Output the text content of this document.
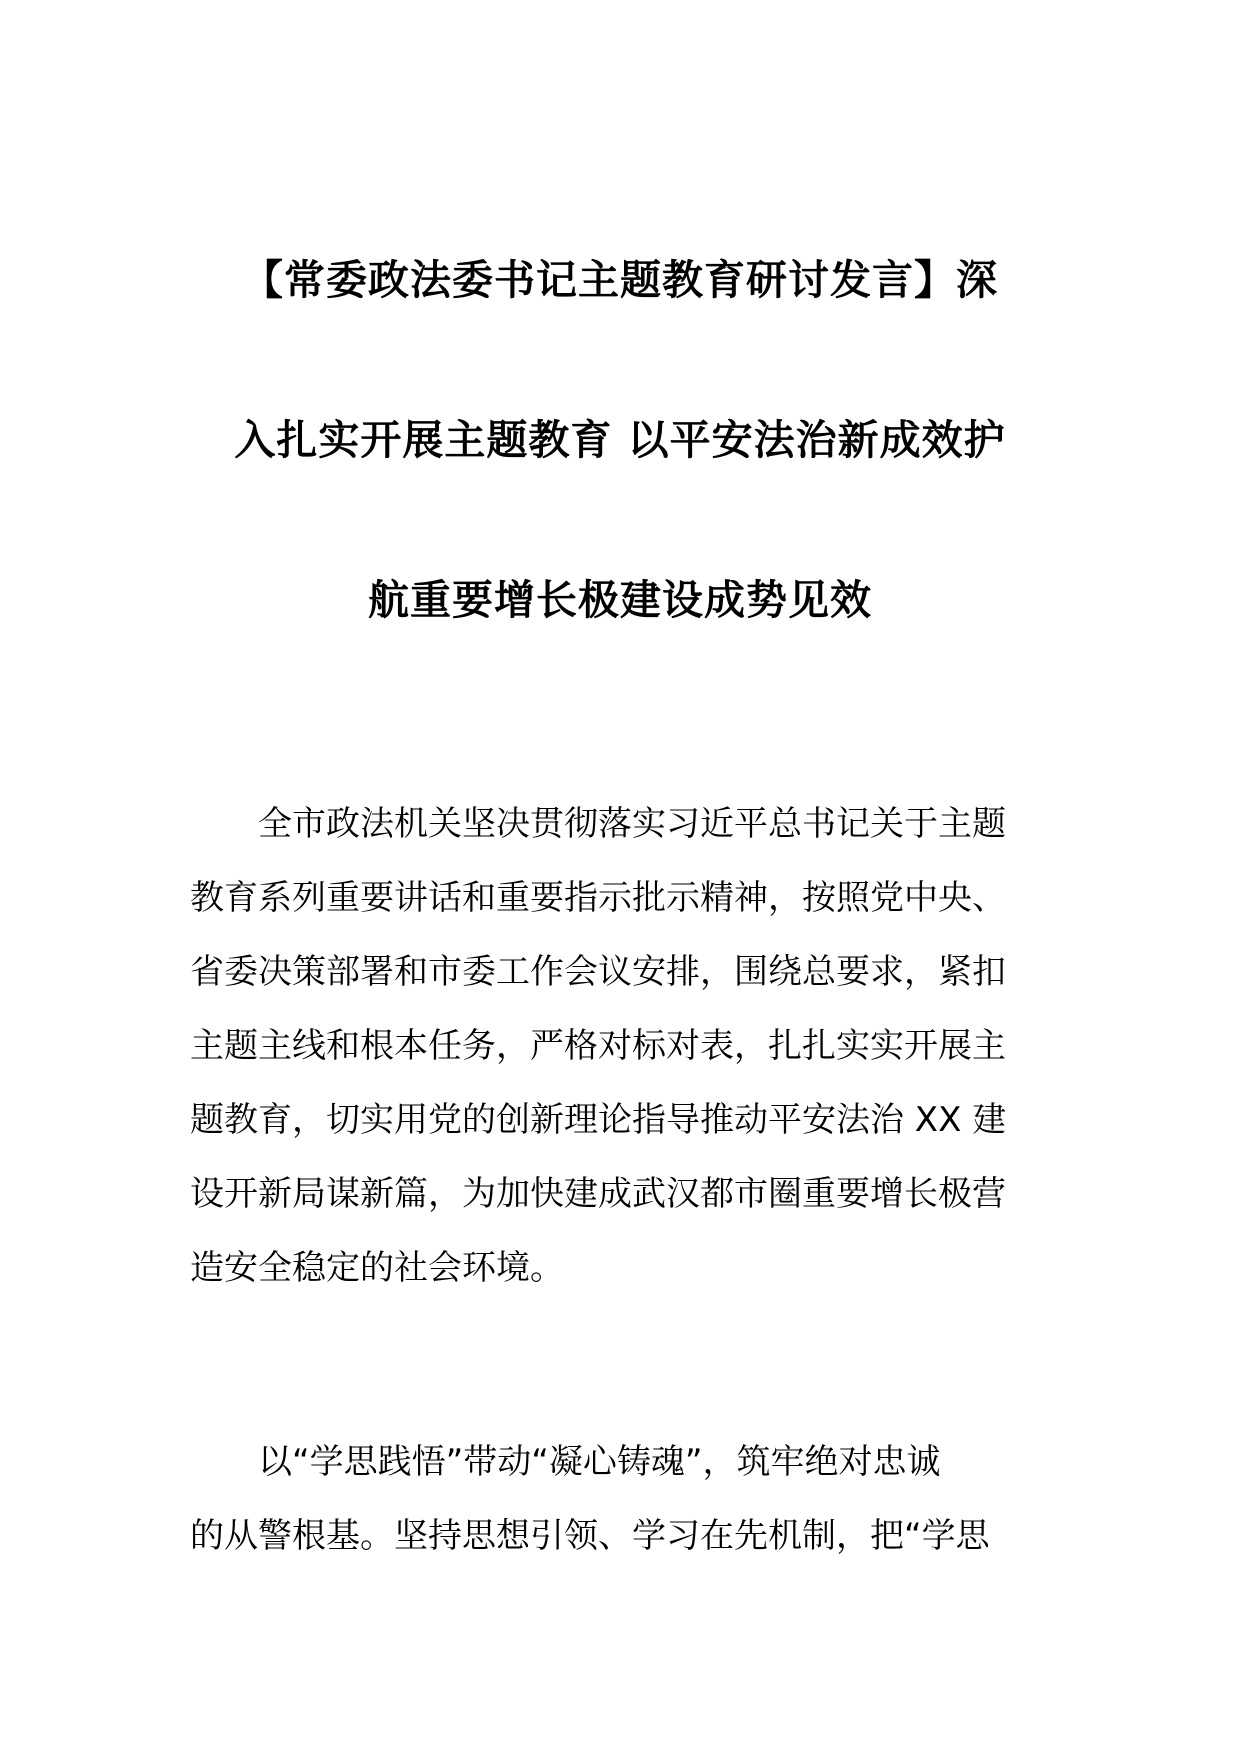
【常委政法委书记主题教育研讨发言】深
入扎实开展主题教育 以平安法治新成效护
航重要增长极建设成势见效
　　全市政法机关坚决贯彻落实习近平总书记关于主题
教育系列重要讲话和重要指示批示精神，按照党中央、
省委决策部署和市委工作会议安排，围绕总要求，紧扣
主题主线和根本任务，严格对标对表，扎扎实实开展主
题教育，切实用党的创新理论指导推动平安法治 XX 建
设开新局谋新篇，为加快建成武汉都市圈重要增长极营
造安全稳定的社会环境。
　　以“学思践悟”带动“凝心铸魂”，筑牢绝对忠诚
的从警根基。坚持思想引领、学习在先机制，把“学思
